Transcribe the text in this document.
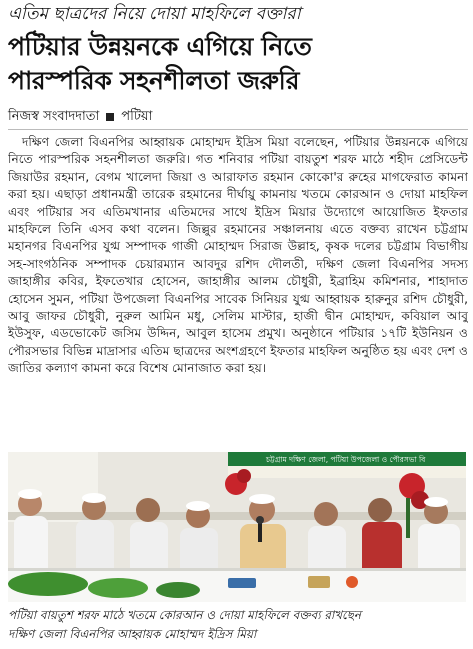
এতিম ছাত্রদের নিয়ে দোয়া মাহফিলে বক্তারা
পটিয়ার উন্নয়নকে এগিয়ে নিতে
পারস্পরিক সহনশীলতা জরুরি
নিজস্ব সংবাদদাতা পটিয়া

দক্ষিণ জেলা বিএনপির আহ্বায়ক মোহাম্মদ ইদ্রিস মিয়া বলেছেন, পটিয়ার উন্নয়নকে এগিয়ে নিতে পারস্পরিক সহনশীলতা জরুরি। গত শনিবার পটিয়া বায়তুশ শরফ মাঠে শহীদ প্রেসিডেন্ট জিয়াউর রহমান, বেগম খালেদা জিয়া ও আরাফাত রহমান কোকো'র রুহের মাগফেরাত কামনা করা হয়। এছাড়া প্রধানমন্ত্রী তারেক রহমানের দীর্ঘায়ু কামনায় খতমে কোরআন ও দোয়া মাহফিল এবং পটিয়ার সব এতিমখানার এতিমদের সাথে ইদ্রিস মিয়ার উদ্যোগে আয়োজিত ইফতার মাহফিলে তিনি এসব কথা বলেন। জিল্লুর রহমানের সঞ্চালনায় এতে বক্তব্য রাখেন চট্টগ্রাম মহানগর বিএনপির যুগ্ম সম্পাদক গাজী মোহাম্মদ সিরাজ উল্লাহ, কৃষক দলের চট্টগ্রাম বিভাগীয় সহ-সাংগঠনিক সম্পাদক চেয়ারম্যান আবদুর রশিদ দৌলতী, দক্ষিণ জেলা বিএনপির সদস্য জাহাঙ্গীর কবির, ইফতেখার হোসেন, জাহাঙ্গীর আলম চৌধুরী, ইব্রাহিম কমিশনার, শাহাদাত হোসেন সুমন, পটিয়া উপজেলা বিএনপির সাবেক সিনিয়র যুগ্ম আহ্বায়ক হারুনুর রশিদ চৌধুরী, আবু জাফর চৌধুরী, নুরুল আমিন মধু, সেলিম মাস্টার, হাজী দ্বীন মোহাম্মদ, কবিয়াল আবু ইউসুফ, এডভোকেট জসিম উদ্দিন, আবুল হাসেম প্রমুখ। অনুষ্ঠানে পটিয়ার ১৭টি ইউনিয়ন ও পৌরসভার বিভিন্ন মাদ্রাসার এতিম ছাত্রদের অংশগ্রহণে ইফতার মাহফিল অনুষ্ঠিত হয় এবং দেশ ও জাতির কল্যাণ কামনা করে বিশেষ মোনাজাত করা হয়।

চট্টগ্রাম দক্ষিণ জেলা, পটিয়া উপজেলা ও পৌরসভা বি
পটিয়া বায়তুশ শরফ মাঠে খতমে কোরআন ও দোয়া মাহফিলে বক্তব্য রাখছেন
দক্ষিণ জেলা বিএনপির আহ্বায়ক মোহাম্মদ ইদ্রিস মিয়া
